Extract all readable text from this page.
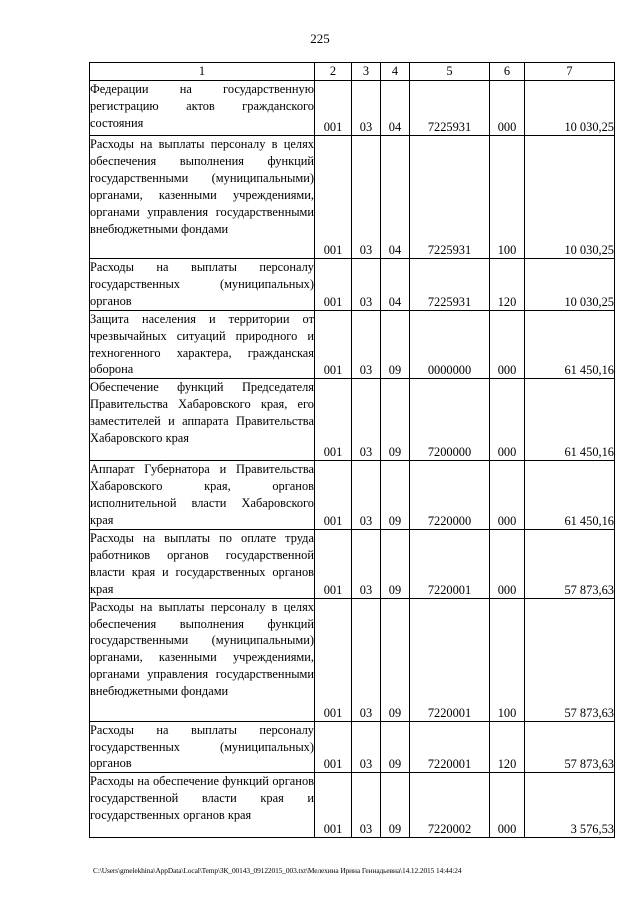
225
1	2	3	4	5	6	7
Федерации на государственную регистрацию актов гражданского состояния	001	03	04	7225931	000	10 030,25
Расходы на выплаты персоналу в целях обеспечения выполнения функций государственными (муниципальными) органами, казенными учреждениями, органами управления государственными внебюджетными фондами	001	03	04	7225931	100	10 030,25
Расходы на выплаты персоналу государственных (муниципальных) органов	001	03	04	7225931	120	10 030,25
Защита населения и территории от чрезвычайных ситуаций природного и техногенного характера, гражданская оборона	001	03	09	0000000	000	61 450,16
Обеспечение функций Председателя Правительства Хабаровского края, его заместителей и аппарата Правительства Хабаровского края	001	03	09	7200000	000	61 450,16
Аппарат Губернатора и Правительства Хабаровского края, органов исполнительной власти Хабаровского края	001	03	09	7220000	000	61 450,16
Расходы на выплаты по оплате труда работников органов государственной власти края и государственных органов края	001	03	09	7220001	000	57 873,63
Расходы на выплаты персоналу в целях обеспечения выполнения функций государственными (муниципальными) органами, казенными учреждениями, органами управления государственными внебюджетными фондами	001	03	09	7220001	100	57 873,63
Расходы на выплаты персоналу государственных (муниципальных) органов	001	03	09	7220001	120	57 873,63
Расходы на обеспечение функций органов государственной власти края и государственных органов края	001	03	09	7220002	000	3 576,53
C:\Users\gmelekhina\AppData\Local\Temp\ЗК_00143_09122015_003.txt\Мелехина Ирина Геннадьевна\14.12.2015 14:44:24
